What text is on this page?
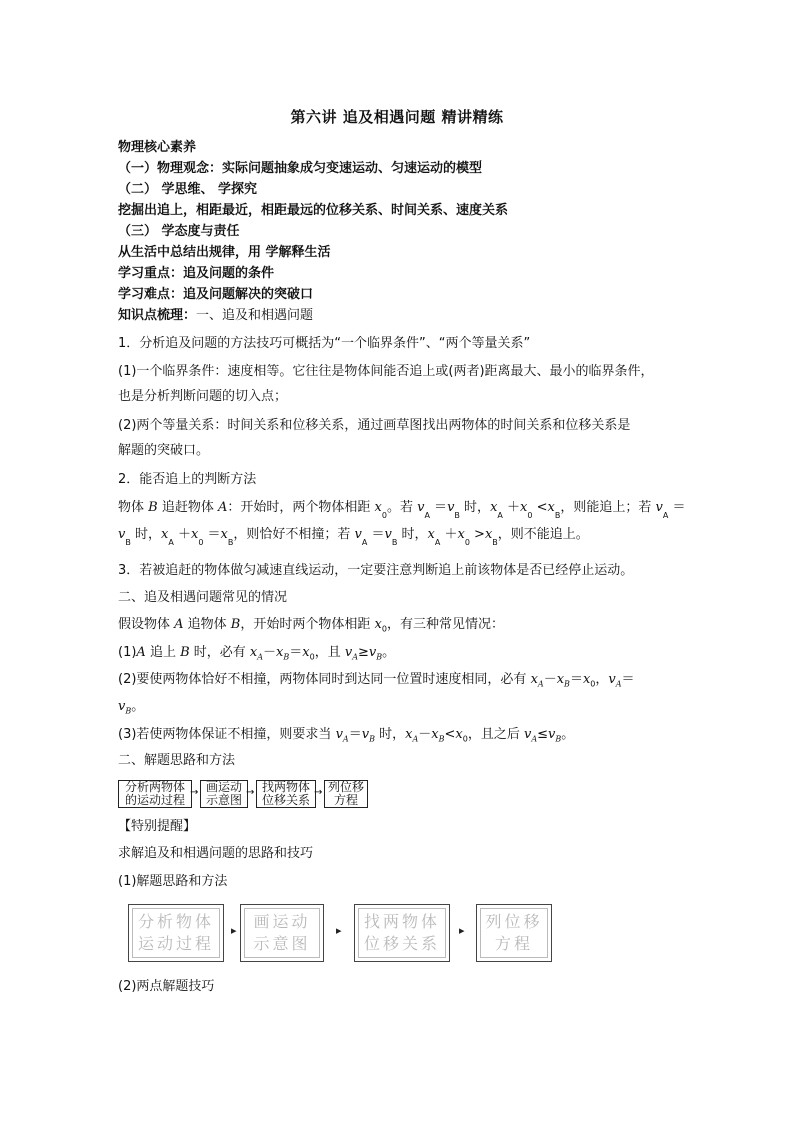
第六讲 追及相遇问题 精讲精练
物理核心素养
（一）物理观念：实际问题抽象成匀变速运动、匀速运动的模型
（二） 学思维、 学探究
挖掘出追上，相距最近，相距最远的位移关系、时间关系、速度关系
（三） 学态度与责任
从生活中总结出规律，用 学解释生活
学习重点：追及问题的条件
学习难点：追及问题解决的突破口
知识点梳理：一、追及和相遇问题
1．分析追及问题的方法技巧可概括为“一个临界条件”、“两个等量关系”
(1)一个临界条件：速度相等。它往往是物体间能否追上或(两者)距离最大、最小的临界条件，
也是分析判断问题的切入点；
(2)两个等量关系：时间关系和位移关系，通过画草图找出两物体的时间关系和位移关系是
解题的突破口。
2．能否追上的判断方法
物体 B 追赶物体 A：开始时，两个物体相距 $x_0$。若 $v_A =v_B$ 时，$x_A +x_0 <x_B$，则能追上；若 $v_A$ ＝
$v_B$ 时，$x_A +x_0 =x_B$，则恰好不相撞；若 $v_A =v_B$ 时，$x_A +x_0 >x_B$，则不能追上。
3．若被追赶的物体做匀减速直线运动，一定要注意判断追上前该物体是否已经停止运动。
二、追及相遇问题常见的情况
假设物体 A 追物体 B，开始时两个物体相距 $x_0$，有三种常见情况：
(1)A 追上 B 时，必有 $x_A-x_B=x_0$，且 $v_A\ge v_B$。
(2)要使两物体恰好不相撞，两物体同时到达同一位置时速度相同，必有 $x_A-x_B=x_0$，$v_A=$
$v_B$。
(3)若使两物体保证不相撞，则要求当 $v_A=v_B$ 时，$x_A-x_B<x_0$，且之后 $v_A\le v_B$。
二、解题思路和方法
分析两物体
的运动过程
→ 画运动
示意图
→ 找两物体
位移关系
→ 列位移
方程
【特别提醒】
求解追及和相遇问题的思路和技巧
(1)解题思路和方法
分析物体
运动过程
▸	画运动
示意图
▸	找两物体
位移关系
▸	列位移
方程
(2)两点解题技巧
